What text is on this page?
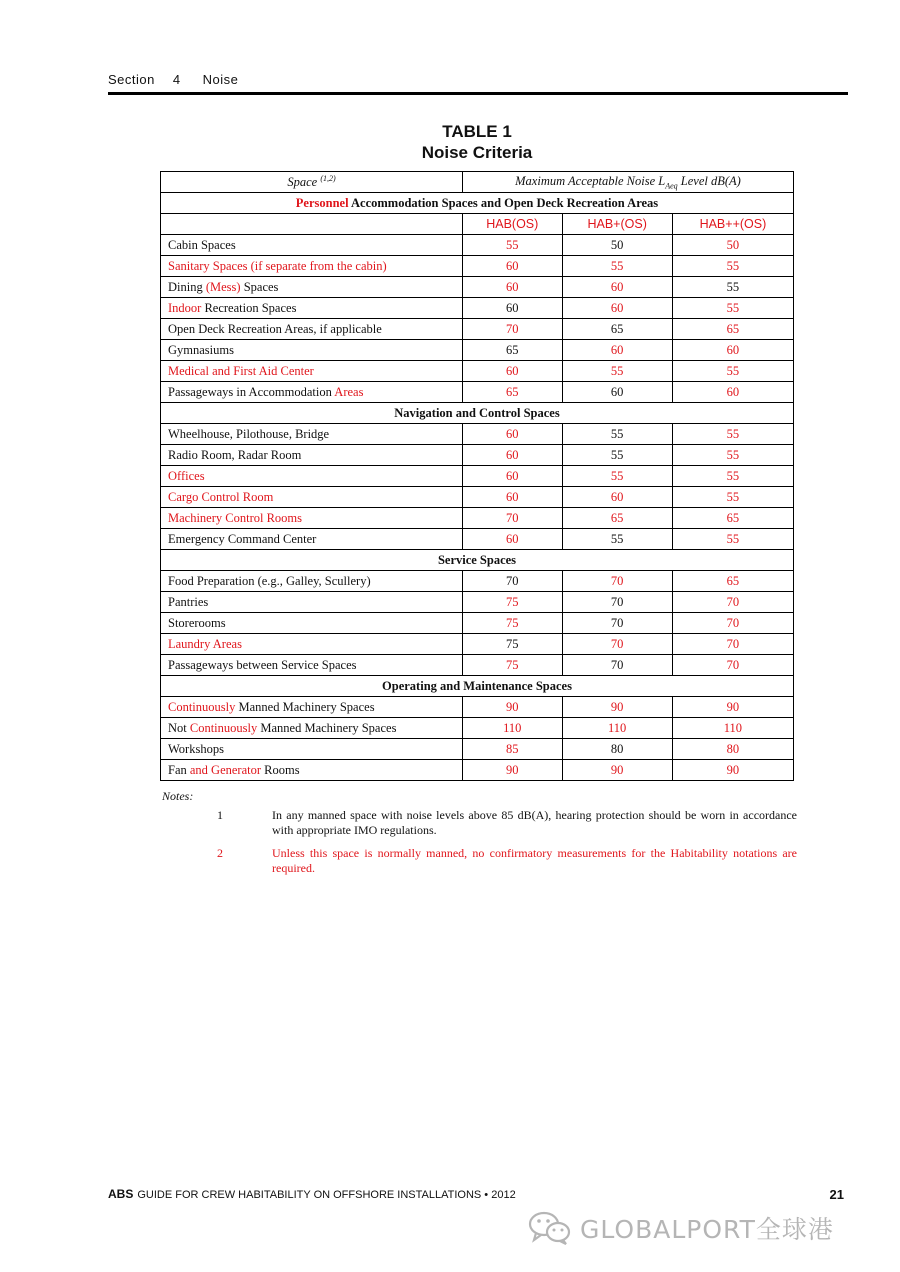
Section 4 Noise
TABLE 1
Noise Criteria
Space $^{(1,2)}$	Maximum Acceptable Noise $L_{Aeq}$ Level dB(A)		
Personnel Accommodation Spaces and Open Deck Recreation Areas			
	HAB(OS)	HAB+(OS)	HAB++(OS)
Cabin Spaces	55	50	50
Sanitary Spaces (if separate from the cabin)	60	55	55
Dining (Mess) Spaces	60	60	55
Indoor Recreation Spaces	60	60	55
Open Deck Recreation Areas, if applicable	70	65	65
Gymnasiums	65	60	60
Medical and First Aid Center	60	55	55
Passageways in Accommodation Areas	65	60	60
Navigation and Control Spaces			
Wheelhouse, Pilothouse, Bridge	60	55	55
Radio Room, Radar Room	60	55	55
Offices	60	55	55
Cargo Control Room	60	60	55
Machinery Control Rooms	70	65	65
Emergency Command Center	60	55	55
Service Spaces			
Food Preparation (e.g., Galley, Scullery)	70	70	65
Pantries	75	70	70
Storerooms	75	70	70
Laundry Areas	75	70	70
Passageways between Service Spaces	75	70	70
Operating and Maintenance Spaces			
Continuously Manned Machinery Spaces	90	90	90
Not Continuously Manned Machinery Spaces	110	110	110
Workshops	85	80	80
Fan and Generator Rooms	90	90	90
Notes:
1	In any manned space with noise levels above 85 dB(A), hearing protection should be worn in accordance with appropriate IMO regulations.
2	Unless this space is normally manned, no confirmatory measurements for the Habitability notations are required.
ABS GUIDE FOR CREW HABITABILITY ON OFFSHORE INSTALLATIONS • 2012	21
GLOBALPORT全球港
